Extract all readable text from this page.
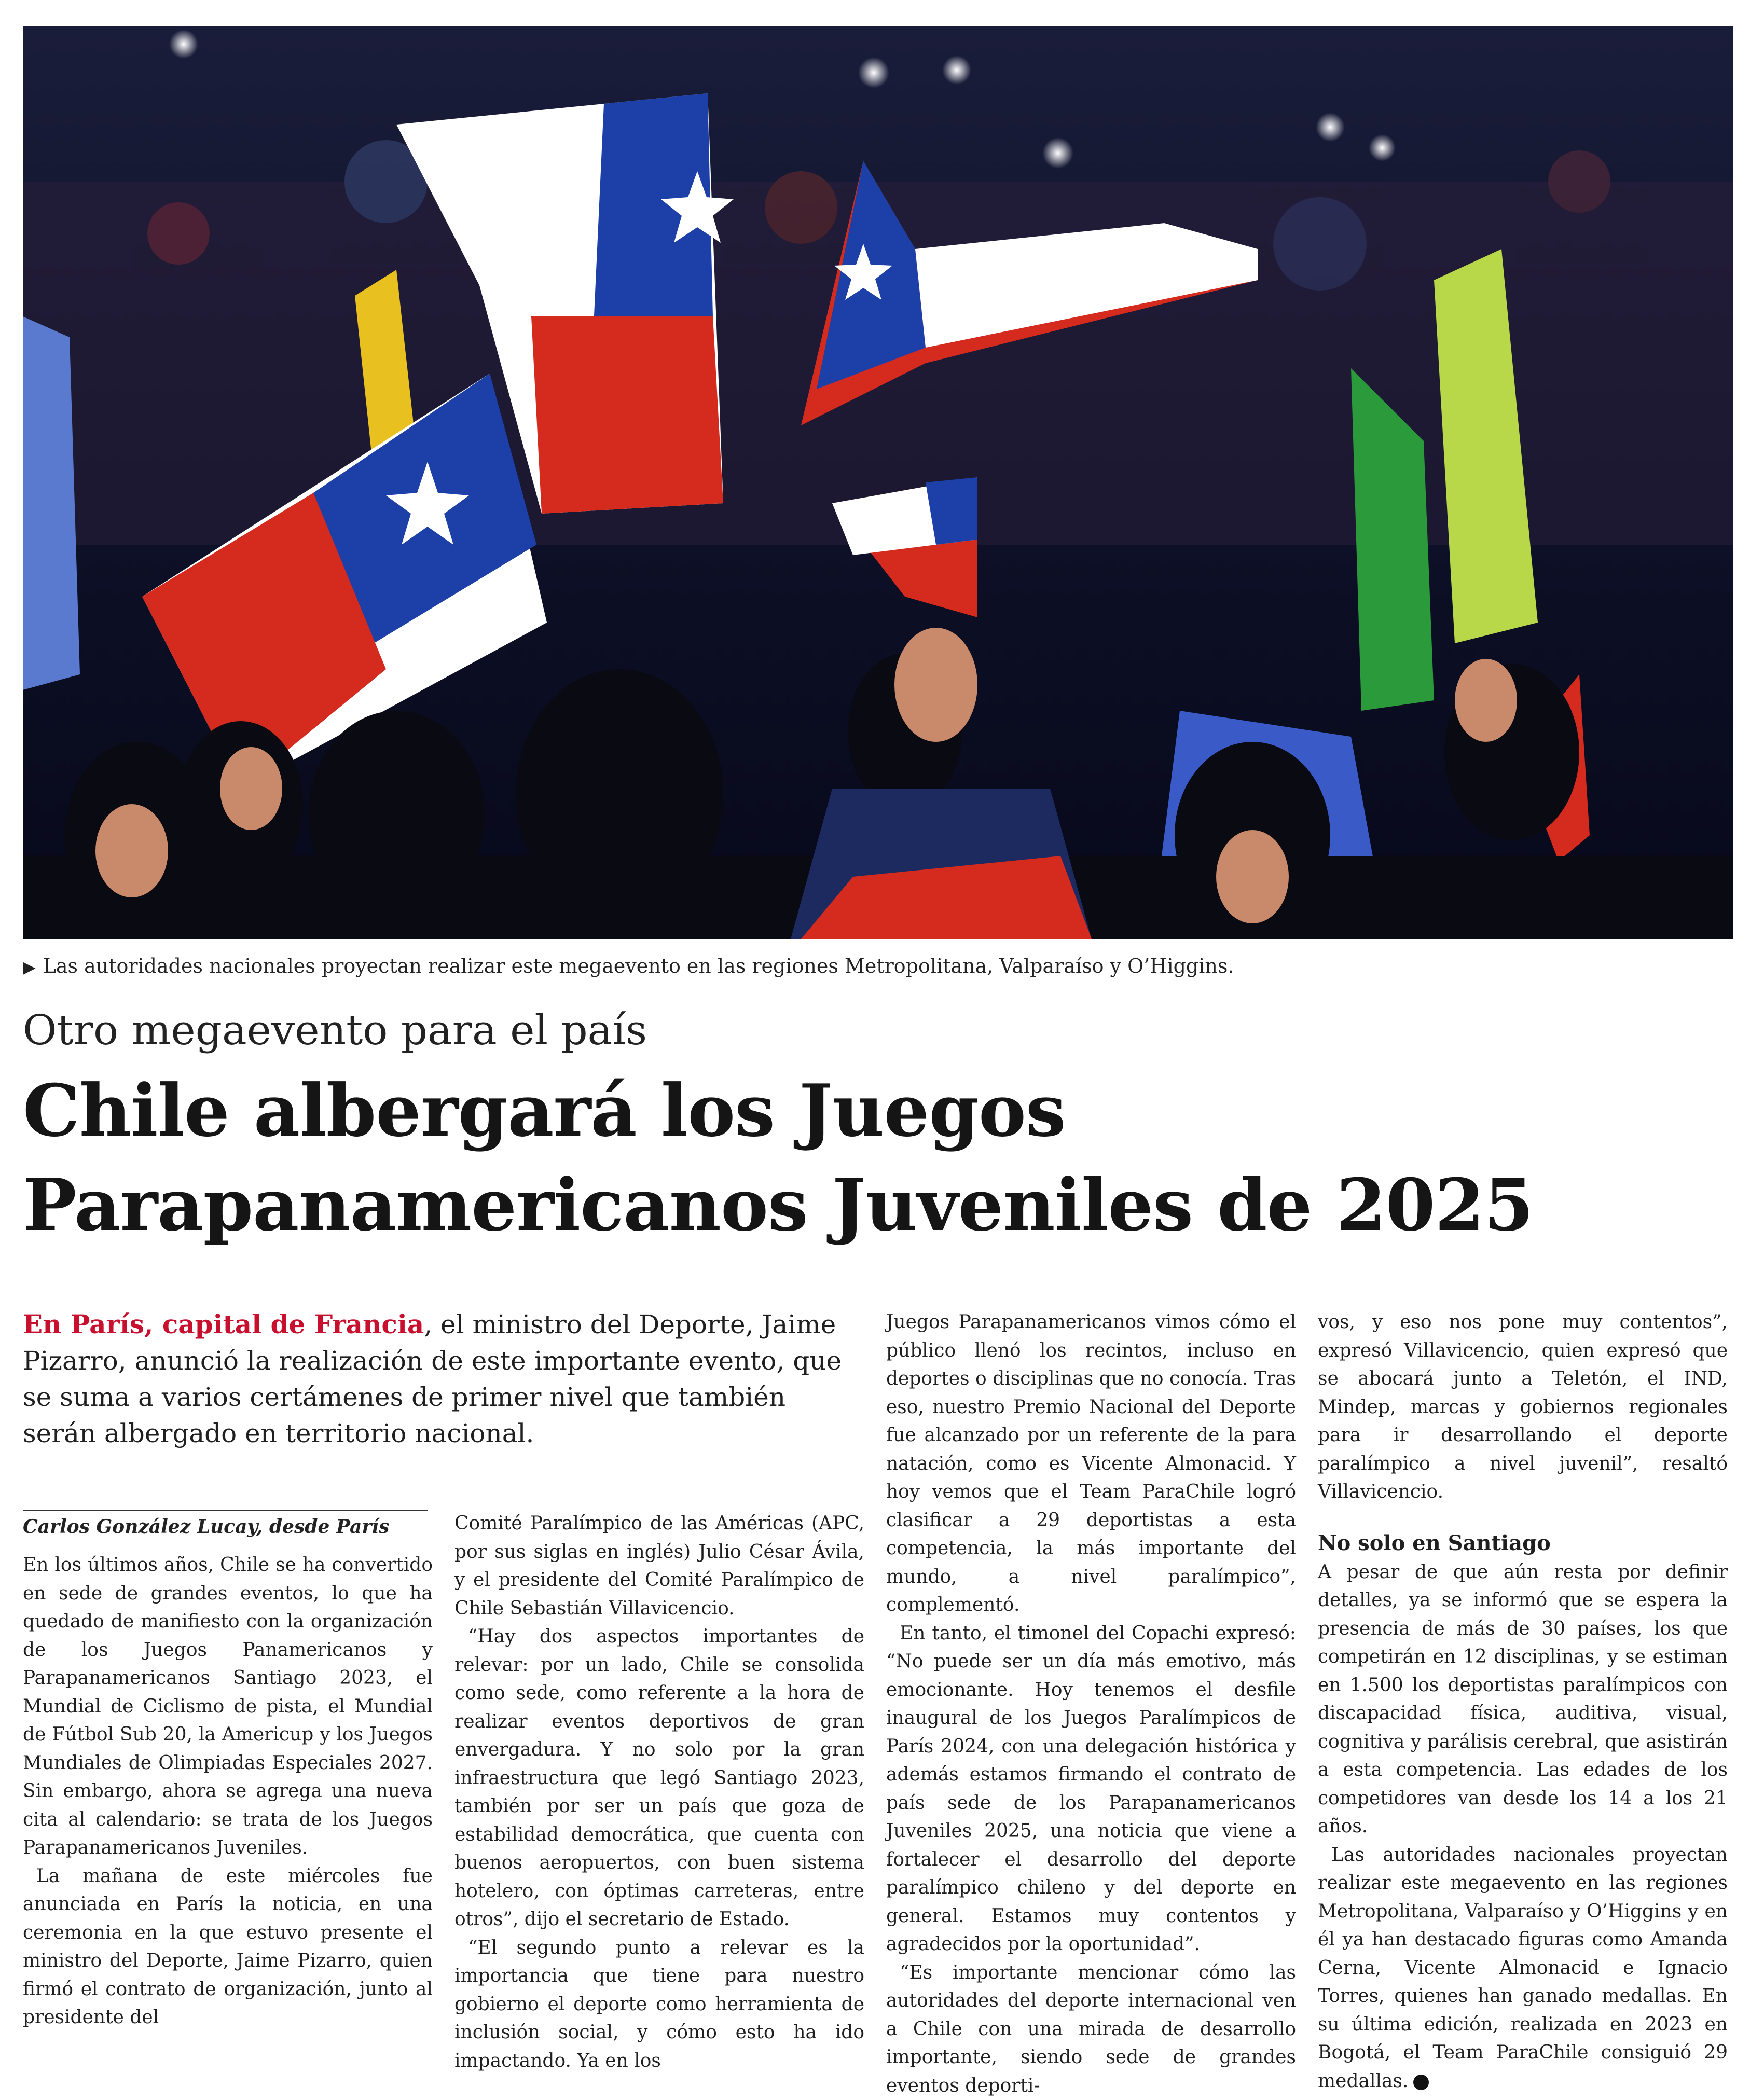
▶ Las autoridades nacionales proyectan realizar este megaevento en las regiones Metropolitana, Valparaíso y O’Higgins.
Otro megaevento para el país
Chile albergará los Juegos
Parapanamericanos Juveniles de 2025
En París, capital de Francia, el ministro del Deporte, Jaime Pizarro, anunció la realización de este importante evento, que se suma a varios certámenes de primer nivel que también serán albergado en territorio nacional.
Carlos González Lucay, desde París

En los últimos años, Chile se ha convertido en sede de grandes eventos, lo que ha quedado de manifiesto con la organización de los Juegos Panamericanos y Parapanamericanos Santiago 2023, el Mundial de Ciclismo de pista, el Mundial de Fútbol Sub 20, la Americup y los Juegos Mundiales de Olimpiadas Especiales 2027. Sin embargo, ahora se agrega una nueva cita al calendario: se trata de los Juegos Parapanamericanos Juveniles.

La mañana de este miércoles fue anunciada en París la noticia, en una ceremonia en la que estuvo presente el ministro del Deporte, Jaime Pizarro, quien firmó el contrato de organización, junto al presidente del

Comité Paralímpico de las Américas (APC, por sus siglas en inglés) Julio César Ávila, y el presidente del Comité Paralímpico de Chile Sebastián Villavicencio.

“Hay dos aspectos importantes de relevar: por un lado, Chile se consolida como sede, como referente a la hora de realizar eventos deportivos de gran envergadura. Y no solo por la gran infraestructura que legó Santiago 2023, también por ser un país que goza de estabilidad democrática, que cuenta con buenos aeropuertos, con buen sistema hotelero, con óptimas carreteras, entre otros”, dijo el secretario de Estado.

“El segundo punto a relevar es la importancia que tiene para nuestro gobierno el deporte como herramienta de inclusión social, y cómo esto ha ido impactando. Ya en los

Juegos Parapanamericanos vimos cómo el público llenó los recintos, incluso en deportes o disciplinas que no conocía. Tras eso, nuestro Premio Nacional del Deporte fue alcanzado por un referente de la para natación, como es Vicente Almonacid. Y hoy vemos que el Team ParaChile logró clasificar a 29 deportistas a esta competencia, la más importante del mundo, a nivel paralímpico”, complementó.

En tanto, el timonel del Copachi expresó: “No puede ser un día más emotivo, más emocionante. Hoy tenemos el desfile inaugural de los Juegos Paralímpicos de París 2024, con una delegación histórica y además estamos firmando el contrato de país sede de los Parapanamericanos Juveniles 2025, una noticia que viene a fortalecer el desarrollo del deporte paralímpico chileno y del deporte en general. Estamos muy contentos y agradecidos por la oportunidad”.

“Es importante mencionar cómo las autoridades del deporte internacional ven a Chile con una mirada de desarrollo importante, siendo sede de grandes eventos deporti-

vos, y eso nos pone muy contentos”, expresó Villavicencio, quien expresó que se abocará junto a Teletón, el IND, Mindep, marcas y gobiernos regionales para ir desarrollando el deporte paralímpico a nivel juvenil”, resaltó Villavicencio.

No solo en Santiago

A pesar de que aún resta por definir detalles, ya se informó que se espera la presencia de más de 30 países, los que competirán en 12 disciplinas, y se estiman en 1.500 los deportistas paralímpicos con discapacidad física, auditiva, visual, cognitiva y parálisis cerebral, que asistirán a esta competencia. Las edades de los competidores van desde los 14 a los 21 años.

Las autoridades nacionales proyectan realizar este megaevento en las regiones Metropolitana, Valparaíso y O’Higgins y en él ya han destacado figuras como Amanda Cerna, Vicente Almonacid e Ignacio Torres, quienes han ganado medallas. En su última edición, realizada en 2023 en Bogotá, el Team ParaChile consiguió 29 medallas.
